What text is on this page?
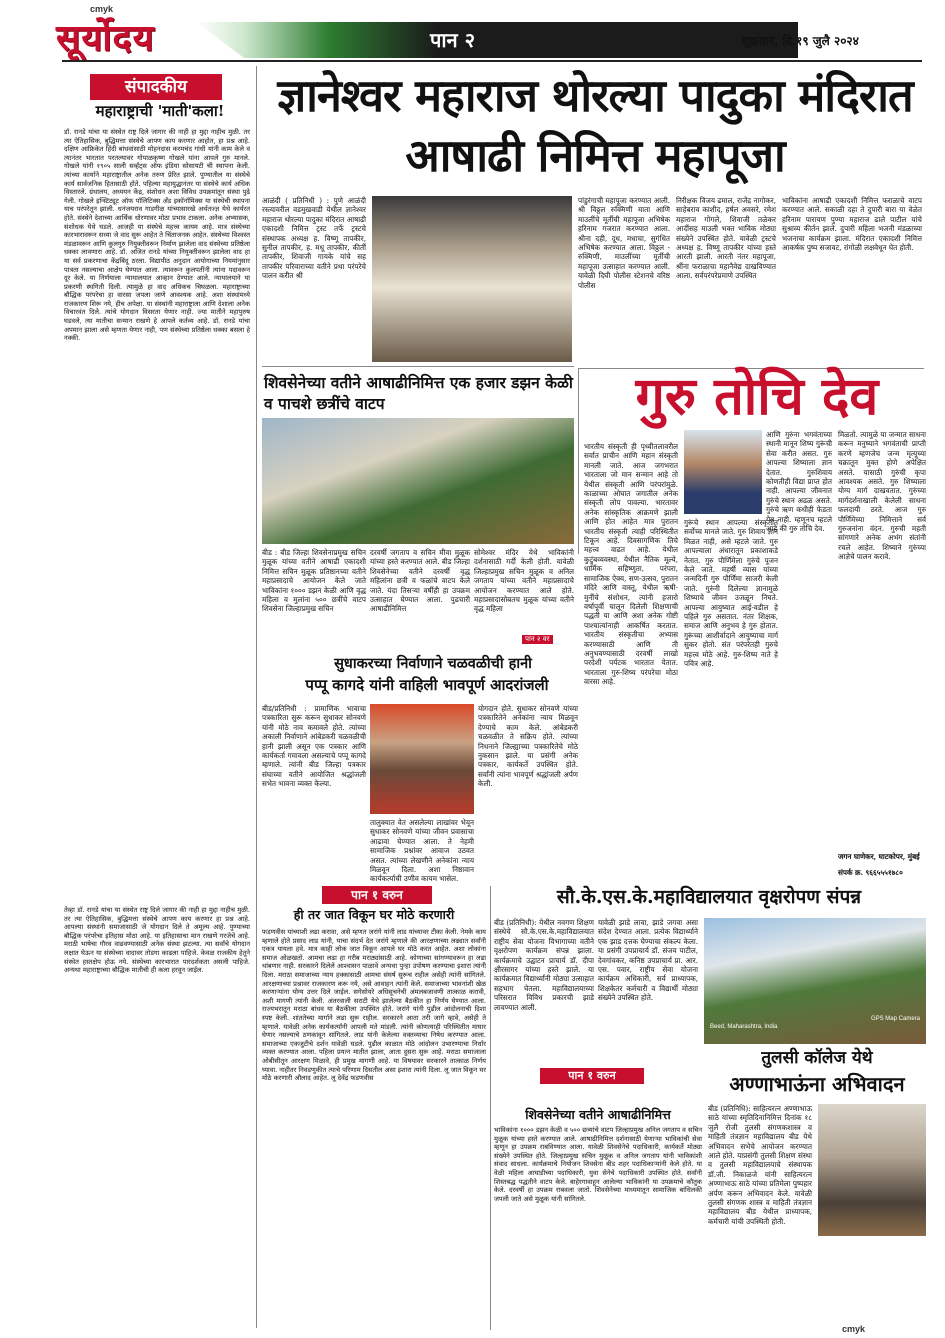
cmyk
सूर्योदय	पान २	शुक्रवार, दि.१९ जुलै २०२४
संपादकीय
महाराष्ट्राची 'माती'कला!
डॉ. रानडे यांचा या संस्थेत राष्ट्र दिले जागार की नाही हा मुद्दा नाहीच मुळी. तर त्या ऐतिहासिक, बुद्धिमत्ता संस्थेचे आपण काय करणार आहोत, हा प्रश्न आहे. दक्षिण आफ्रिकेत हिंदी बांधवांसाठी मोहनदास करमचंद गांधी यांनी काम केले व त्यानंतर भारतात परतल्यावर गोपाळकृष्ण गोखले यांना आपले गुरु मानले. गोखले यांनी १९०५ साली सर्व्हंट्‌स ऑफ इंडिया सोसायटी ची स्थापना केली. त्यांच्या कार्याने महाराष्ट्रातील अनेक तरुण प्रेरित झाले. पुण्यातील या संस्थेचे कार्य सार्वजनिक हितासाठी होते. पहिल्या महायुद्धानंतर या संस्थेचे कार्य अधिक विस्तारले. ग्रंथालय, अध्ययन केंद्र, संशोधन अशा विविध उपक्रमांतून संस्था पुढे गेली. गोखले इन्स्टिट्यूट ऑफ पॉलिटिक्स अँड इकॉनॉमिक्स या संस्थेची स्थापना याच परंपरेतून झाली. धनंजयराव गाडगीळ यांच्यासारखे अर्थतज्ज्ञ येथे कार्यरत होते. संस्थेने देशाच्या आर्थिक धोरणावर मोठा प्रभाव टाकला. अनेक अभ्यासक, संशोधक येथे घडले. आजही या संस्थेचे महत्त्व कायम आहे. मात्र संस्थेच्या कारभारावरून सध्या जे वाद सुरू आहेत ते चिंताजनक आहेत. संस्थेच्या विश्वस्त मंडळावरून आणि कुलगुरु नियुक्तीवरून निर्माण झालेला वाद संस्थेच्या प्रतिष्ठेला धक्का लावणारा आहे. डॉ. अजित रानडे यांच्या नियुक्तीवरून झालेला वाद हा या सर्व प्रकरणाचा केंद्रबिंदू ठरला. विद्यापीठ अनुदान आयोगाच्या नियमांनुसार पात्रता नसल्याचा आक्षेप घेण्यात आला. त्यावरून कुलपतींनी त्यांना पदावरून दूर केले. या निर्णयाला न्यायालयात आव्हान देण्यात आले. न्यायालयाने या प्रकरणी स्थगिती दिली. त्यामुळे हा वाद अधिकच चिघळला. महाराष्ट्राच्या बौद्धिक परंपरेचा हा वारसा जपला जाणे आवश्यक आहे. अशा संस्थांमध्ये राजकारण शिरू नये, हीच अपेक्षा. या संस्थांनी महाराष्ट्राला आणि देशाला अनेक विचारवंत दिले. त्यांचे योगदान विसरता येणार नाही. ज्या मातीने महापुरुष घडवले, त्या मातीचा सन्मान राखणे हे आपले कर्तव्य आहे. डॉ. रानडे यांचा अपमान झाला असे म्हणता येणार नाही, पण संस्थेच्या प्रतिष्ठेला धक्का बसला हे नक्की.
तेव्हा डॉ. रानडे यांचा या संस्थेत राष्ट्र दिले जागार की नाही हा मुद्दा नाहीच मुळी. तर त्या ऐतिहासिक, बुद्धिमत्ता संस्थेचे आपण काय करणार हा प्रश्न आहे. आपल्या संस्थांनी समाजासाठी जे योगदान दिले ते अमूल्य आहे. पुण्याच्या बौद्धिक परंपरेचा इतिहास मोठा आहे. या इतिहासाचा मान राखणे गरजेचे आहे. मराठी भाषेचा गौरव वाढवण्यासाठी अनेक संस्था झटल्या. त्या सर्वांचे योगदान लक्षात घेऊन या संस्थेच्या वादावर तोडगा काढला पाहिजे. केवळ राजकीय हेतूने संस्थेत हस्तक्षेप होऊ नये. संस्थेच्या कारभारात पारदर्शकता असली पाहिजे. अन्यथा महाराष्ट्राच्या बौद्धिक मातीची ही कला हरवून जाईल.
ज्ञानेश्वर महाराज थोरल्या पादुका मंदिरात आषाढी निमित्त महापूजा
आळंदी ( प्रतिनिधी ) : पुणे आळंदी रस्त्यावरील वडमुखवाडी येथील ज्ञानेश्वर महाराज थोरल्या पादुका मंदिरात आषाढी एकादशी निमित्त ट्रस्ट तर्फे ट्रस्टचे संस्थापक अध्यक्ष ह. विष्णू तापकीर, सुनील तापकीर, ह. मधू तापकीर, कीर्ती तापकीर, शिवाजी गायके यांचे सह तापकीर परिवाराच्या वतीने प्रथा परंपरेचे पालन करीत श्री
पांडुरंगाची महापूजा करण्यात आली. श्री विठ्ठल रुक्मिणी माता आणि माउलींचे मूर्तीची महापूजा अभिषेक हरिनाम गजरात करण्यात आला. श्रीना दही, दूध, मधाचा, सुगंधित अभिषेक करण्यात आला. विठ्ठल - रुक्मिणी, माउलींच्या मूर्तीची महापूजा उत्साहात करण्यात आली. यावेळी दिघी पोलीस स्टेशनचे वरिष्ठ पोलीस
निरीक्षक विजय ढमाल, राजेंद्र नागोकर, साहेबराव काशीद, हर्षल अवसरे, रमेश महाराज गोगले, शिवाजी तळेकर आदींसह माउली भक्त भाविक मोठ्या संख्येने उपस्थित होते. यावेळी ट्रस्टचे अध्यक्ष ह. विष्णू तापकीर यांच्या हस्ते आरती झाली. आरती नंतर महापूजा, श्रींना फराळाचा महानैवेद्य दाखविण्यात आला. सर्वपरंपरेप्रमाणे उपस्थित
भाविकांना आषाढी एकादशी निमित्त फराळाचे वाटप करण्यात आले. सकाळी दहा ते दुपारी बारा या वेळेत हरिनाम पारायण पुण्या महाराज ढाले पाटील यांचे सुश्राव्य कीर्तन झाले. दुपारी महिला भजनी मंडळाच्या भजनाचा कार्यक्रम झाला. मंदिरात एकादशी निमित्त आकर्षक पुष्प सजावट, रांगोळी लक्षवेधून घेत होती.
शिवसेनेच्या वतीने आषाढीनिमित्त एक हजार डझन केळी व पाचशे छत्रींचे वाटप
बीड : बीड जिल्हा शिवसेनाप्रमुख सचिन मुळूक यांच्या वतीने आषाढी एकादशी निमित्त सचिन मुळूक प्रतिष्ठानच्या वतीने महाप्रसादाचे आयोजन केले जाते भाविकांना १००० डझन केळी आणि वृद्ध महिला व मुलांना ५०० छत्रींचे वाटप शिवसेना जिल्हाप्रमुख सचिन
दरवर्षी जगताप व सचिन मीवा मुळूक यांच्या हस्ते करण्यात आले. बीड जिल्हा शिवसेनेच्या वतीने दरवर्षी वृद्ध महिलांना छत्री व फळांचे वाटप केले जाते. यंदा तिसऱ्या वर्षीही हा उपक्रम उत्साहात घेण्यात आला. पुढचारी आषाढीनिमित्त
सोमेश्वर मंदिर येथे भाविकांनी दर्शनासाठी गर्दी केली होती. यावेळी जिल्हाप्रमुख सचिन मुळूक व अनिल जगताप यांच्या वतीने महाप्रसादाचे आयोजन करण्यात आले होते. महाप्रसादासोबतच मुळूक यांच्या वतीने वृद्ध महिला
पान २ वर
गुरु तोचि देव
भारतीय संस्कृती ही पृथ्वीतलावरील सर्वात प्राचीन आणि महान संस्कृती मानली जाते. आज जगभरात भारताला जो मान सन्मान आहे तो येथील संस्कृती आणि परंपरांमुळे. काळाच्या ओघात जगातील अनेक संस्कृती लोप पावल्या. भारतावर अनेक सांस्कृतिक आक्रमणे झाली आणि होत आहेत मात्र पुरातन भारतीय संस्कृती त्याही परिस्थितीत टिकून आहे. दिवसागणिक तिचे महत्त्व वाढत आहे. येथील कुटुंबव्यवस्था, येथील नैतिक मूल्ये, धार्मिक सहिष्णुता, परंपरा, सामाजिक ऐक्य, सण-उत्सव, पुरातन मंदिरे आणि वास्तू, येथील ऋषी-मुनींचे संशोधन, त्यांनी हजारो वर्षापूर्वी चालून दिलेली शिक्षणाची पद्धती या आणि अशा अनेक गोष्टी पाश्चात्यांनाही आकर्षित करतात. भारतीय संस्कृतीचा अभ्यास करण्यासाठी आणि ती अनुभवण्यासाठी दरवर्षी लाखो परदेशी पर्यटक भारतात येतात. भारताला गुरु-शिष्य परंपरेचा मोठा वारसा आहे.
गुरूंचे स्थान आपल्या संस्कृतीत सर्वोच्च मानले जाते. गुरु शिवाय ज्ञान मिळत नाही, असे म्हटले जाते. गुरु आपल्याला अंधारातून प्रकाशाकडे नेतात. गुरु पौर्णिमेला गुरुंचे पूजन केले जाते. महर्षी व्यास यांच्या जन्मदिनी गुरु पौर्णिमा साजरी केली जाते. गुरुंनी दिलेल्या ज्ञानामुळे शिष्याचे जीवन उजळून निघते. आपल्या आयुष्यात आई-वडील हे पहिले गुरु असतात. नंतर शिक्षक, समाज आणि अनुभव हे गुरु होतात. गुरूंच्या आशीर्वादाने आयुष्याचा मार्ग सुकर होतो. संत परंपरेतही गुरुचे महत्त्व मोठे आहे. गुरु-शिष्य नाते हे पवित्र आहे.
आणि गुरुंना भगवंताच्या स्थानी मानून शिष्य गुरूंची सेवा करीत असत. गुरु आपल्या शिष्याला ज्ञान देतात. गुरुशिवाय कोणतीही विद्या प्राप्त होत नाही. आपल्या जीवनात गुरुंचे स्थान अढळ असते. गुरुंचे ऋण कधीही फेडता येत नाही. म्हणूनच म्हटले आहे की गुरु तोचि देव.
मिळतो. त्यामुळे या जन्मात साधना करून मनुष्याने भगवंताची प्राप्ती करणे म्हणजेच जन्म मृत्यूच्या चक्रातून मुक्त होणे अपेक्षित असते. यासाठी गुरुंची कृपा आवश्यक असते. गुरु शिष्याला योग्य मार्ग दाखवतात. गुरुंच्या मार्गदर्शनाखाली केलेली साधना फलदायी ठरते. आज गुरु पौर्णिमेच्या निमित्ताने सर्व गुरुजनांना वंदन. गुरुची महती सांगणारे अनेक अभंग संतांनी रचले आहेत. शिष्याने गुरुंच्या आज्ञेचे पालन करावे.
जगन घाणेकर, घाटकोपर, मुंबई
संपर्क क्र. ९६६५५५१७८०
सुधाकरच्या निर्वाणाने चळवळीची हानी
पप्पू कागदे यांनी वाहिली भावपूर्ण आदरांजली
बीड/प्रतिनिधी : प्रामाणिक भावाचा पत्रकारिता सुरू करून सुधाकर सोनवणे यांनी मोठे नाव कमावले होते. त्यांच्या अकाली निर्वाणाने आंबेडकरी चळवळीची हानी झाली असून एक पत्रकार आणि कार्यकर्ता गमावला असल्याचे पप्पू कागदे म्हणाले. त्यांनी बीड जिल्हा पत्रकार संघाच्या वतीने आयोजित श्रद्धांजली सभेत भावना व्यक्त केल्या.
तालुक्यात वेत असलेल्या लाखांवर भेयून सुधाकर सोनवणे यांच्या जीवन प्रवासाचा आढावा घेण्यात आला. ते नेहमी सामाजिक प्रश्नांवर आवाज उठवत असत. त्यांच्या लेखणीने अनेकांना न्याय मिळवून दिला. अशा निष्ठावान कार्यकर्त्याची उणीव कायम भासेल.
योगदान होते. सुधाकर सोनवणे यांच्या पत्रकारितेने अनेकांना न्याय मिळवून देण्याचे काम केले. आंबेडकरी चळवळीत ते सक्रिय होते. त्यांच्या निधनाने जिल्ह्याच्या पत्रकारितेचे मोठे नुकसान झाले. या प्रसंगी अनेक पत्रकार, कार्यकर्ते उपस्थित होते. सर्वांनी त्यांना भावपूर्ण श्रद्धांजली अर्पण केली.
पान १ वरुन
ही तर जात विकून घर मोठे करणारी
फडणवीस यांच्याशी लढा करावा, असे म्हणत जरांगे यांनी लाड यांच्यावर टीका केली. नेमके काय म्हणाले होते प्रसाद लाड यांनी, याचा संदर्भ देत जरांगे म्हणाले की आरक्षणाच्या लढ्यात सर्वांनी एकत्र यायला हवे. मात्र काही लोक जात विकून आपले घर मोठे करत आहेत. अशा लोकांना समाज ओळखतो. आमचा लढा हा गरीब मराठ्यांसाठी आहे. कोणाच्या सांगण्यावरून हा लढा थांबणार नाही. सरकारने दिलेले आश्वासन पाळावे अन्यथा पुन्हा उपोषण करण्याचा इशारा त्यांनी दिला. मराठा समाजाच्या न्याय हक्कासाठी आमचा संघर्ष सुरूच राहील असेही त्यांनी सांगितले. आरक्षणाच्या प्रश्नावर राजकारण करू नये, असे आवाहन त्यांनी केले. समाजाच्या भावनांशी खेळ करणाऱ्यांना योग्य उत्तर दिले जाईल. सगेसोयरे अधिसूचनेची अंमलबजावणी तात्काळ करावी, अशी मागणी त्यांनी केली. अंतरवाली सराटी येथे झालेल्या बैठकीत हा निर्णय घेण्यात आला. राज्यभरातून मराठा बांधव या बैठकीला उपस्थित होते. जरांगे यांनी पुढील आंदोलनाची दिशा स्पष्ट केली. शांततेच्या मार्गाने लढा सुरू राहील. सरकारने आता तरी जागे व्हावे, असेही ते म्हणाले. यावेळी अनेक कार्यकर्त्यांनी आपली मते मांडली. त्यांनी कोणत्याही परिस्थितीत माघार घेणार नसल्याचे ठणकावून सांगितले. लाड यांनी केलेल्या वक्तव्याचा निषेध करण्यात आला. समाजाच्या एकजुटीचे दर्शन यावेळी घडले. पुढील काळात मोठे आंदोलन उभारण्याचा निर्धार व्यक्त करण्यात आला. पहिला प्रयत्न मातीत झाला, आता दुसरा सुरू आहे. मराठा समाजाला ओबीसीतून आरक्षण मिळावे, ही प्रमुख मागणी आहे. या विषयावर सरकारने तात्काळ निर्णय घ्यावा. नाहीतर निवडणुकीत त्याचे परिणाम दिसतील असा इशारा त्यांनी दिला. लू जात विकून घर मोठे करणारी औलाद आहेत. लू देवेंद्र फडणवीस
सौ.के.एस.के.महाविद्यालयात वृक्षरोपण संपन्न
बीड (प्रतिनिधी): येथील नवगण शिक्षण संस्थेचे सौ.के.एस.के.महाविद्यालयात राष्ट्रीय सेवा योजना विभागाच्या वतीने वृक्षरोपण कार्यक्रम संपन्न झाला. कार्यक्रमाचे उद्घाटन प्राचार्य डॉ. दीपा क्षीरसागर यांच्या हस्ते झाले. या कार्यक्रमात विद्यार्थ्यांनी मोठ्या उत्साहात सहभाग घेतला. महाविद्यालयाच्या परिसरात विविध प्रकारची झाडे लावण्यात आली.
यावेळी झाडे लावा, झाडे जगवा असा संदेश देण्यात आला. प्रत्येक विद्यार्थ्याने एक झाड दत्तक घेण्याचा संकल्प केला. या प्रसंगी उपप्राचार्य डॉ. संजय पाटील, देवगांवकर, कनिष्ठ उपप्राचार्य प्रा. आर. एस. पवार, राष्ट्रीय सेवा योजना कार्यक्रम अधिकारी, सर्व प्राध्यापक, शिक्षकेतर कर्मचारी व विद्यार्थी मोठ्या संख्येने उपस्थित होते.
Beed, Maharashtra, India
GPS Map Camera
पान १ वरुन
शिवसेनेच्या वतीने आषाढीनिमित्त
भाविकांना १००० डझन केळी व ५०० छत्र्यांचे वाटप जिल्हाप्रमुख अनिल जगताप व सचिन मुळूक यांच्या हस्ते करण्यात आले. आषाढीनिमित्त दर्शनासाठी येणाऱ्या भाविकांची सेवा म्हणून हा उपक्रम राबविण्यात आला. यावेळी शिवसेनेचे पदाधिकारी, कार्यकर्ते मोठ्या संख्येने उपस्थित होते. जिल्हाप्रमुख सचिन मुळूक व अनिल जगताप यांनी भाविकांशी संवाद साधला. कार्यक्रमाचे नियोजन शिवसेना बीड शहर पदाधिकाऱ्यांनी केले होते. या वेळी महिला आघाडीच्या पदाधिकारी, युवा सेनेचे पदाधिकारी उपस्थित होते. सर्वांनी शिस्तबद्ध पद्धतीने वाटप केले. बाहेरगावाहून आलेल्या भाविकांनी या उपक्रमाचे कौतुक केले. दरवर्षी हा उपक्रम राबवला जातो. शिवसेनेच्या माध्यमातून सामाजिक बांधिलकी जपली जाते असे मुळूक यांनी सांगितले.
तुलसी कॉलेज येथे
अण्णाभाऊंना अभिवादन
बीड (प्रतिनिधि): साहित्यरत्न अण्णाभाऊ साठे यांच्या स्मृतिदिनानिमित्त दिनांक १८ जुलै रोजी तुलसी संगणकशास्त्र व माहिती तंत्रज्ञान महाविद्यालय बीड येथे अभिवादन सभेचे आयोजन करण्यात आले होते. याप्रसंगी तुलसी शिक्षण संस्था व तुलसी महाविद्यालयाचे संस्थापक डॉ.जी. निकाळजे यांनी साहित्यरत्न अण्णाभाऊ साठे यांच्या प्रतिमेला पुष्पहार अर्पण करून अभिवादन केले. यावेळी तुलसी संगणक शास्त्र व माहिती तंत्रज्ञान महाविद्यालय बीड येथील प्राध्यापक, कर्मचारी यांची उपस्थिती होती.
cmyk
